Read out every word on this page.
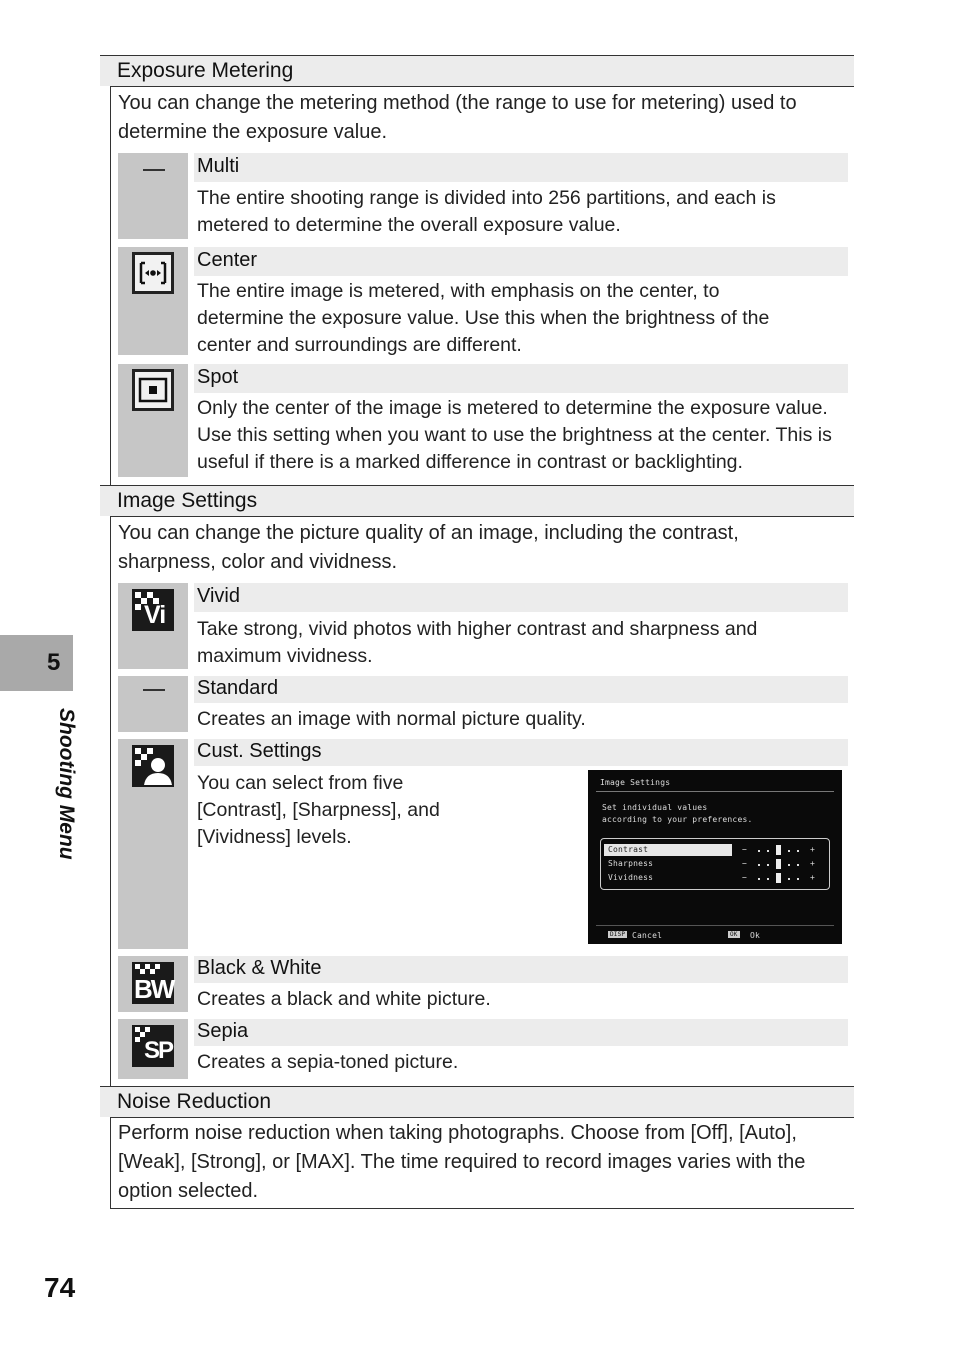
Exposure Metering
You can change the metering method (the range to use for metering) used to determine the exposure value.
Multi
The entire shooting range is divided into 256 partitions, and each is metered to determine the overall exposure value.
Center
The entire image is metered, with emphasis on the center, to determine the exposure value. Use this when the brightness of the center and surroundings are different.
Spot
Only the center of the image is metered to determine the exposure value. Use this setting when you want to use the brightness at the center. This is useful if there is a marked difference in contrast or backlighting.
Image Settings
You can change the picture quality of an image, including the contrast, sharpness, color and vividness.
Vi
Vivid
Take strong, vivid photos with higher contrast and sharpness and maximum vividness.
Standard
Creates an image with normal picture quality.
Cust. Settings
You can select from five [Contrast], [Sharpness], and [Vividness] levels.
Image Settings
Set individual values
according to your preferences.
Contrast
Sharpness
Vividness
−	+
−	+
−	+
DISP Cancel	OK Ok
BW
Black & White
Creates a black and white picture.
SP
Sepia
Creates a sepia-toned picture.
Noise Reduction
Perform noise reduction when taking photographs. Choose from [Off], [Auto], [Weak], [Strong], or [MAX]. The time required to record images varies with the option selected.
5
Shooting Menu
74
